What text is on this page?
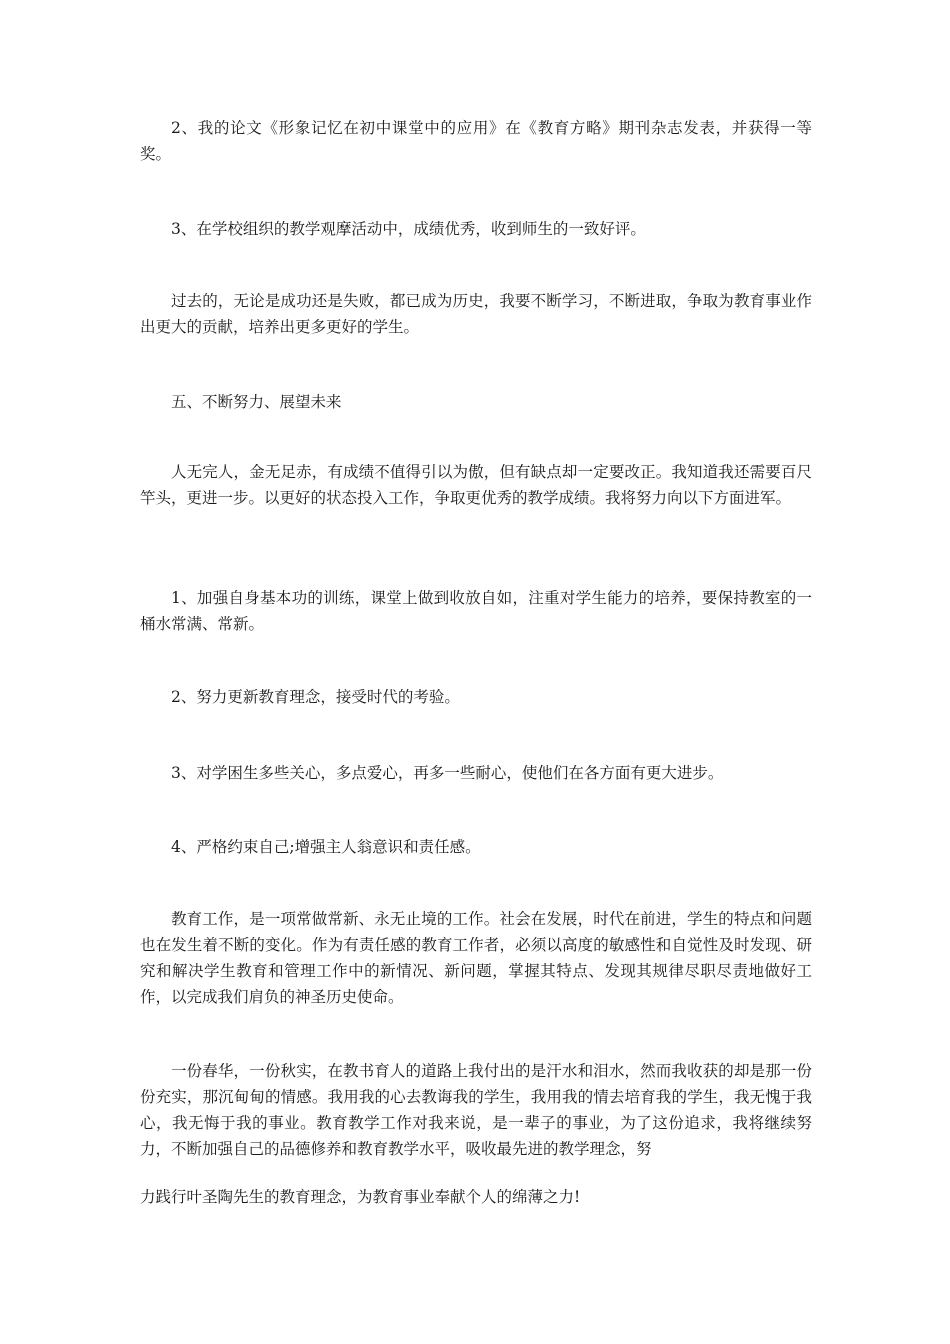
2、我的论文《形象记忆在初中课堂中的应用》在《教育方略》期刊杂志发表，并获得一等奖。

3、在学校组织的教学观摩活动中，成绩优秀，收到师生的一致好评。

过去的，无论是成功还是失败，都已成为历史，我要不断学习，不断进取，争取为教育事业作出更大的贡献，培养出更多更好的学生。

五、不断努力、展望未来

人无完人，金无足赤，有成绩不值得引以为傲，但有缺点却一定要改正。我知道我还需要百尺竿头，更进一步。以更好的状态投入工作，争取更优秀的教学成绩。我将努力向以下方面进军。

1、加强自身基本功的训练，课堂上做到收放自如，注重对学生能力的培养，要保持教室的一桶水常满、常新。

2、努力更新教育理念，接受时代的考验。

3、对学困生多些关心，多点爱心，再多一些耐心，使他们在各方面有更大进步。

4、严格约束自己;增强主人翁意识和责任感。

教育工作，是一项常做常新、永无止境的工作。社会在发展，时代在前进，学生的特点和问题也在发生着不断的变化。作为有责任感的教育工作者，必须以高度的敏感性和自觉性及时发现、研究和解决学生教育和管理工作中的新情况、新问题，掌握其特点、发现其规律尽职尽责地做好工作，以完成我们肩负的神圣历史使命。

一份春华，一份秋实，在教书育人的道路上我付出的是汗水和泪水，然而我收获的却是那一份份充实，那沉甸甸的情感。我用我的心去教诲我的学生，我用我的情去培育我的学生，我无愧于我心，我无悔于我的事业。教育教学工作对我来说，是一辈子的事业，为了这份追求，我将继续努力，不断加强自己的品德修养和教育教学水平，吸收最先进的教学理念，努

力践行叶圣陶先生的教育理念，为教育事业奉献个人的绵薄之力!
